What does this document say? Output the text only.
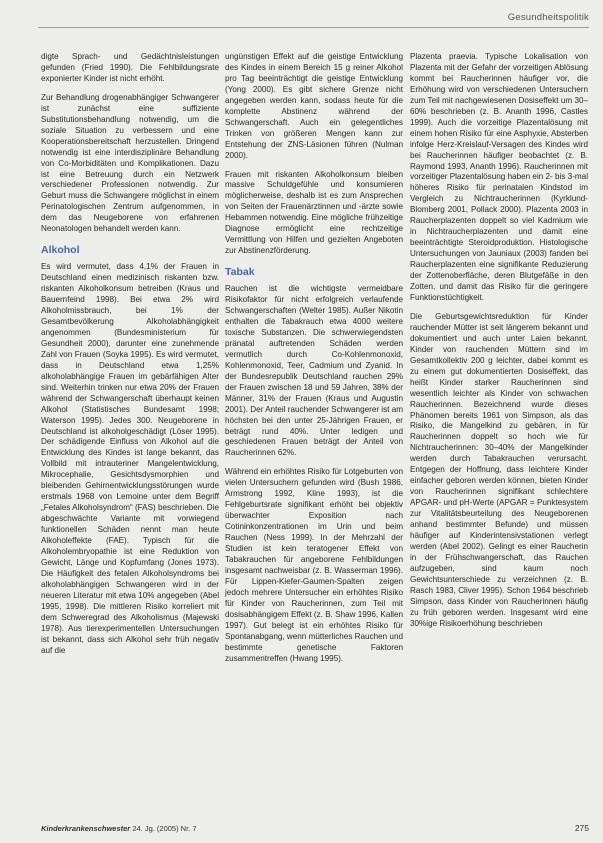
Gesundheitspolitik

digte Sprach- und Gedächtnisleistungen gefunden (Fried 1990). Die Fehlbildungsrate exponierter Kinder ist nicht erhöht.

Zur Behandlung drogenabhängiger Schwangerer ist zunächst eine suffiziente Substitutionsbehandlung notwendig, um die soziale Situation zu verbessern und eine Kooperationsbereitschaft herzustellen. Dringend notwendig ist eine interdisziplinäre Behandlung von Co-Morbiditäten und Komplikationen. Dazu ist eine Betreuung durch ein Netzwerk verschiedener Professionen notwendig. Zur Geburt muss die Schwangere möglichst in einem Perinatologischen Zentrum aufgenommen, in dem das Neugeborene von erfahrenen Neonatologen behandelt werden kann.

Alkohol

Es wird vermutet, dass 4,1% der Frauen in Deutschland einen medizinisch riskanten bzw. riskanten Alkoholkonsum betreiben (Kraus und Bauernfeind 1998). Bei etwa 2% wird Alkoholmissbrauch, bei 1% der Gesamtbevölkerung Alkoholabhängigkeit angenommen (Bundesministerium für Gesundheit 2000), darunter eine zunehmende Zahl von Frauen (Soyka 1995). Es wird vermutet, dass in Deutschland etwa 1,25% alkoholabhängige Frauen im gebärfähigen Alter sind. Weiterhin trinken nur etwa 20% der Frauen während der Schwangerschaft überhaupt keinen Alkohol (Statistisches Bundesamt 1998; Waterson 1995). Jedes 300. Neugeborene in Deutschland ist alkoholgeschädigt (Löser 1995). Der schädigende Einfluss von Alkohol auf die Entwicklung des Kindes ist lange bekannt, das Vollbild mit intrauteriner Mangelentwicklung, Mikrocephalie, Gesichtsdysmorphien und bleibenden Gehirnentwicklungsstörungen wurde erstmals 1968 von Lemoine unter dem Begriff „Fetales Alkoholsyndrom“ (FAS) beschrieben. Die abgeschwächte Variante mit vorwiegend funktionellen Schäden nennt man heute Alkoholeffekte (FAE). Typisch für die Alkoholembryopathie ist eine Reduktion von Gewicht, Länge und Kopfumfang (Jones 1973). Die Häufigkeit des fetalen Alkoholsyndroms bei alkoholabhängigen Schwangeren wird in der neueren Literatur mit etwa 10% angegeben (Abel 1995, 1998). Die mittleren Risiko korreliert mit dem Schweregrad des Alkoholismus (Majewski 1978). Aus tierexperimentellen Untersuchungen ist bekannt, dass sich Alkohol sehr früh negativ auf die

ungünstigen Effekt auf die geistige Entwicklung des Kindes in einem Bereich 15 g reiner Alkohol pro Tag beeinträchtigt die geistige Entwicklung (Yong 2000). Es gibt sichere Grenze nicht angegeben werden kann, sodass heute für die komplette Abstinenz während der Schwangerschaft. Auch ein gelegentliches Trinken von größeren Mengen kann zur Entstehung der ZNS-Läsionen führen (Nulman 2000).

Frauen mit riskanten Alkoholkonsum bleiben massive Schuldgefühle und konsumieren möglicherweise, deshalb ist es zum Ansprechen von Seiten der Frauenärztinnen und -ärzte sowie Hebammen notwendig. Eine mögliche frühzeitige Diagnose ermöglicht eine rechtzeitige Vermittlung von Hilfen und gezielten Angeboten zur Abstinenzförderung.

Tabak

Rauchen ist die wichtigste vermeidbare Risikofaktor für nicht erfolgreich verlaufende Schwangerschaften (Welter 1985). Außer Nikotin enthalten die Tabakrauch etwa 4000 weitere toxische Substanzen. Die schwerwiegendsten pränatal auftretenden Schäden werden vermutlich durch Co-Kohlenmonoxid, Kohlenmonoxid, Teer, Cadmium und Zyanid. In der Bundesrepublik Deutschland rauchen 29% der Frauen zwischen 18 und 59 Jahren, 38% der Männer, 31% der Frauen (Kraus und Augustin 2001). Der Anteil rauchender Schwangerer ist am höchsten bei den unter 25-Jährigen Frauen, er beträgt rund 40%. Unter ledigen und geschiedenen Frauen beträgt der Anteil von Raucherinnen 62%.

Während ein erhöhtes Risiko für Lotgeburten von vielen Untersuchern gefunden wird (Bush 1986, Armstrong 1992, Kline 1993), ist die Fehlgeburtsrate signifikant erhöht bei objektiv überwachter Exposition nach Cotininkonzentrationen im Urin und beim Rauchen (Ness 1999). In der Mehrzahl der Studien ist kein teratogener Effekt von Tabakrauchen für angeborene Fehlbildungen insgesamt nachweisbar (z. B. Wasserman 1996). Für Lippen-Kiefer-Gaumen-Spalten zeigen jedoch mehrere Untersucher ein erhöhtes Risiko für Kinder von Raucherinnen, zum Teil mit dosisabhängigem Effekt (z. B. Shaw 1996, Kallen 1997). Gut belegt ist ein erhöhtes Risiko für Spontanabgang, wenn mütterliches Rauchen und bestimmte genetische Faktoren zusammentreffen (Hwang 1995).

Plazenta praevia. Typische Lokalisation von Plazenta mit der Gefahr der vorzeitigen Ablösung kommt bei Raucherinnen häufiger vor, die Erhöhung wird von verschiedenen Untersuchern zum Teil mit nachgewiesenen Dosiseffekt um 30–60% beschrieben (z. B. Ananth 1996, Castles 1999). Auch die vorzeitige Plazentalösung mit einem hohen Risiko für eine Asphyxie, Absterben infolge Herz-Kreislauf-Versagen des Kindes wird bei Raucherinnen häufiger beobachtet (z. B. Raymond 1993, Ananth 1996). Raucherinnen mit vorzeitiger Plazentalösung haben ein 2- bis 3-mal höheres Risiko für perinatalen Kindstod im Vergleich zu Nichtraucherinnen (Kyrklund-Blomberg 2001, Pollack 2000). Plazenta 2003 in Raucherplazenten doppelt so viel Kadmium wie in Nichtraucherplazenten und damit eine beeinträchtigte Steroidproduktion. Histologische Untersuchungen von Jauniaux (2003) fanden bei Raucherplazenten eine signifikante Reduzierung der Zottenoberfläche, deren Blutgefäße in den Zotten, und damit das Risiko für die geringere Funktionstüchtigkeit.

Die Geburtsgewichtsreduktion für Kinder rauchender Mütter ist seit längerem bekannt und dokumentiert und auch unter Laien bekannt. Kinder von rauchenden Müttern sind im Gesamtkollektiv 200 g leichter, dabei kommt es zu einem gut dokumentierten Dosiseffekt, das heißt Kinder starker Raucherinnen sind wesentlich leichter als Kinder von schwachen Raucherinnen. Bezeichnend wurde dieses Phänomen bereits 1961 von Simpson, als das Risiko, die Mangelkind zu gebären, in für Raucherinnen doppelt so hoch wie für Nichtraucherinnen: 30–40% der Mangelkinder werden durch Tabakrauchen verursacht. Entgegen der Hoffnung, dass leichtere Kinder einfacher geboren werden können, bieten Kinder von Raucherinnen signifikant schlechtere APGAR- und pH-Werte (APGAR = Punktesystem zur Vitalitätsbeurteilung des Neugeborenen anhand bestimmter Befunde) und müssen häufiger auf Kinderintensivstationen verlegt werden (Abel 2002). Gelingt es einer Raucherin in der Frühschwangerschaft, das Rauchen aufzugeben, sind kaum noch Gewichtsunterschiede zu verzeichnen (z. B. Rasch 1983, Cliver 1995). Schon 1964 beschrieb Simpson, dass Kinder von Raucherinnen häufig zu früh geboren werden. Insgesamt wird eine 30%ige Risikoerhöhung beschrieben

Kinderkrankenschwester 24. Jg. (2005) Nr. 7	275
